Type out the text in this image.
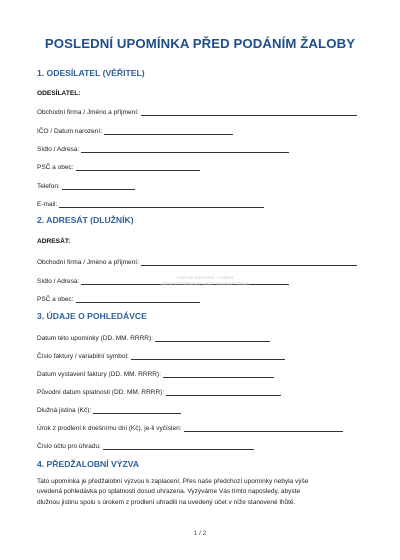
POSLEDNÍ UPOMÍNKA PŘED PODÁNÍM ŽALOBY
1. ODESÍLATEL (VĚŘITEL)
ODESÍLATEL:
Obchodní firma / Jméno a příjmení:
IČO / Datum narození:
Sídlo / Adresa:
PSČ a obec:
Telefon:
E-mail:
2. ADRESÁT (DLUŽNÍK)
ADRESÁT:
Obchodní firma / Jméno a příjmení:
Sídlo / Adresa:
PSČ a obec:
Vzorový dokument – náhled
dokument obsahuje pouze ukázkový obsah
3. ÚDAJE O POHLEDÁVCE
Datum této upomínky (DD. MM. RRRR):
Číslo faktury / variabilní symbol:
Datum vystavení faktury (DD. MM. RRRR):
Původní datum splatnosti (DD. MM. RRRR):
Dlužná jistina (Kč):
Úrok z prodlení k dnešnímu dni (Kč), je-li vyčíslen:
Číslo účtu pro úhradu:
4. PŘEDŽALOBNÍ VÝZVA
Tato upomínka je předžalobní výzvou k zaplacení. Přes naše předchozí upomínky nebyla výše
uvedená pohledávka po splatnosti dosud uhrazena. Vyzýváme Vás tímto naposledy, abyste
dlužnou jistinu spolu s úrokem z prodlení uhradili na uvedený účet v níže stanovené lhůtě.
1 / 2
